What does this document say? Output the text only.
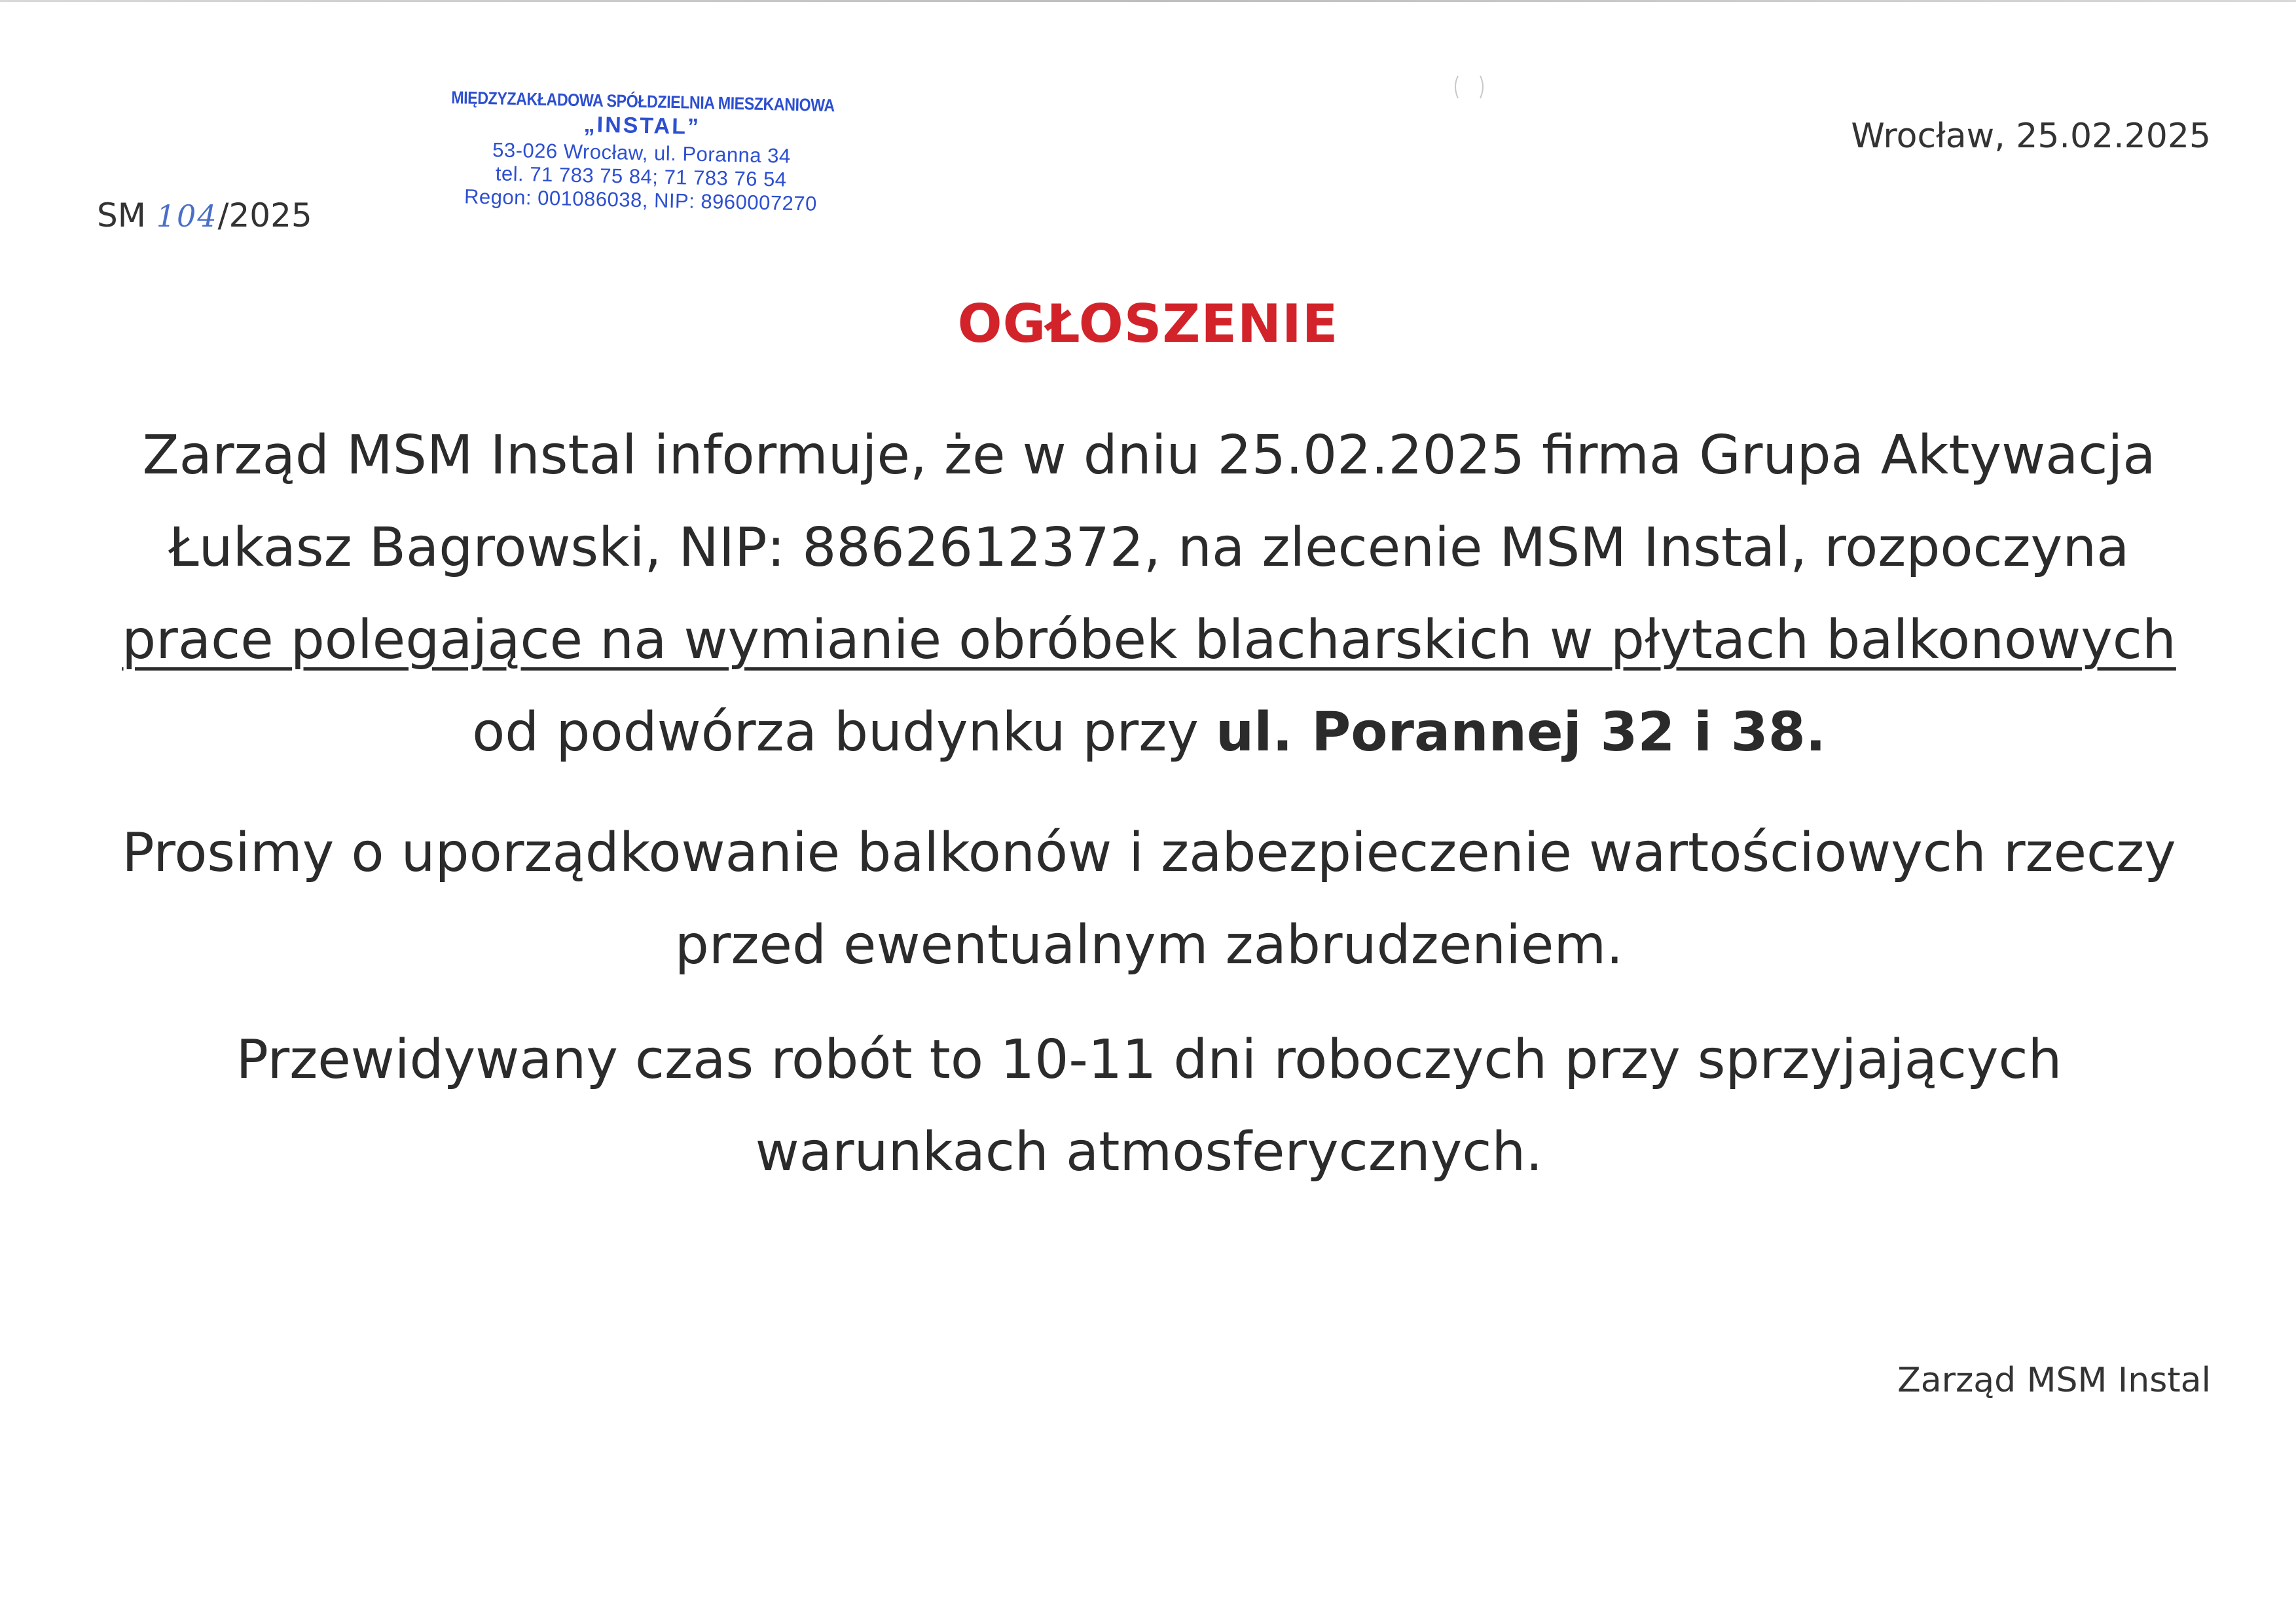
SM 104/2025
MIĘDZYZAKŁADOWA SPÓŁDZIELNIA MIESZKANIOWA
„INSTAL”
53-026 Wrocław, ul. Poranna 34
tel. 71 783 75 84; 71 783 76 54
Regon: 001086038, NIP: 8960007270
Wrocław, 25.02.2025
OGŁOSZENIE
Zarząd MSM Instal informuje, że w dniu 25.02.2025 firma Grupa Aktywacja Łukasz Bagrowski, NIP: 8862612372, na zlecenie MSM Instal, rozpoczyna prace polegające na wymianie obróbek blacharskich w płytach balkonowych od podwórza budynku przy ul. Porannej 32 i 38.
Prosimy o uporządkowanie balkonów i zabezpieczenie wartościowych rzeczy przed ewentualnym zabrudzeniem.
Przewidywany czas robót to 10-11 dni roboczych przy sprzyjających warunkach atmosferycznych.
Zarząd MSM Instal
